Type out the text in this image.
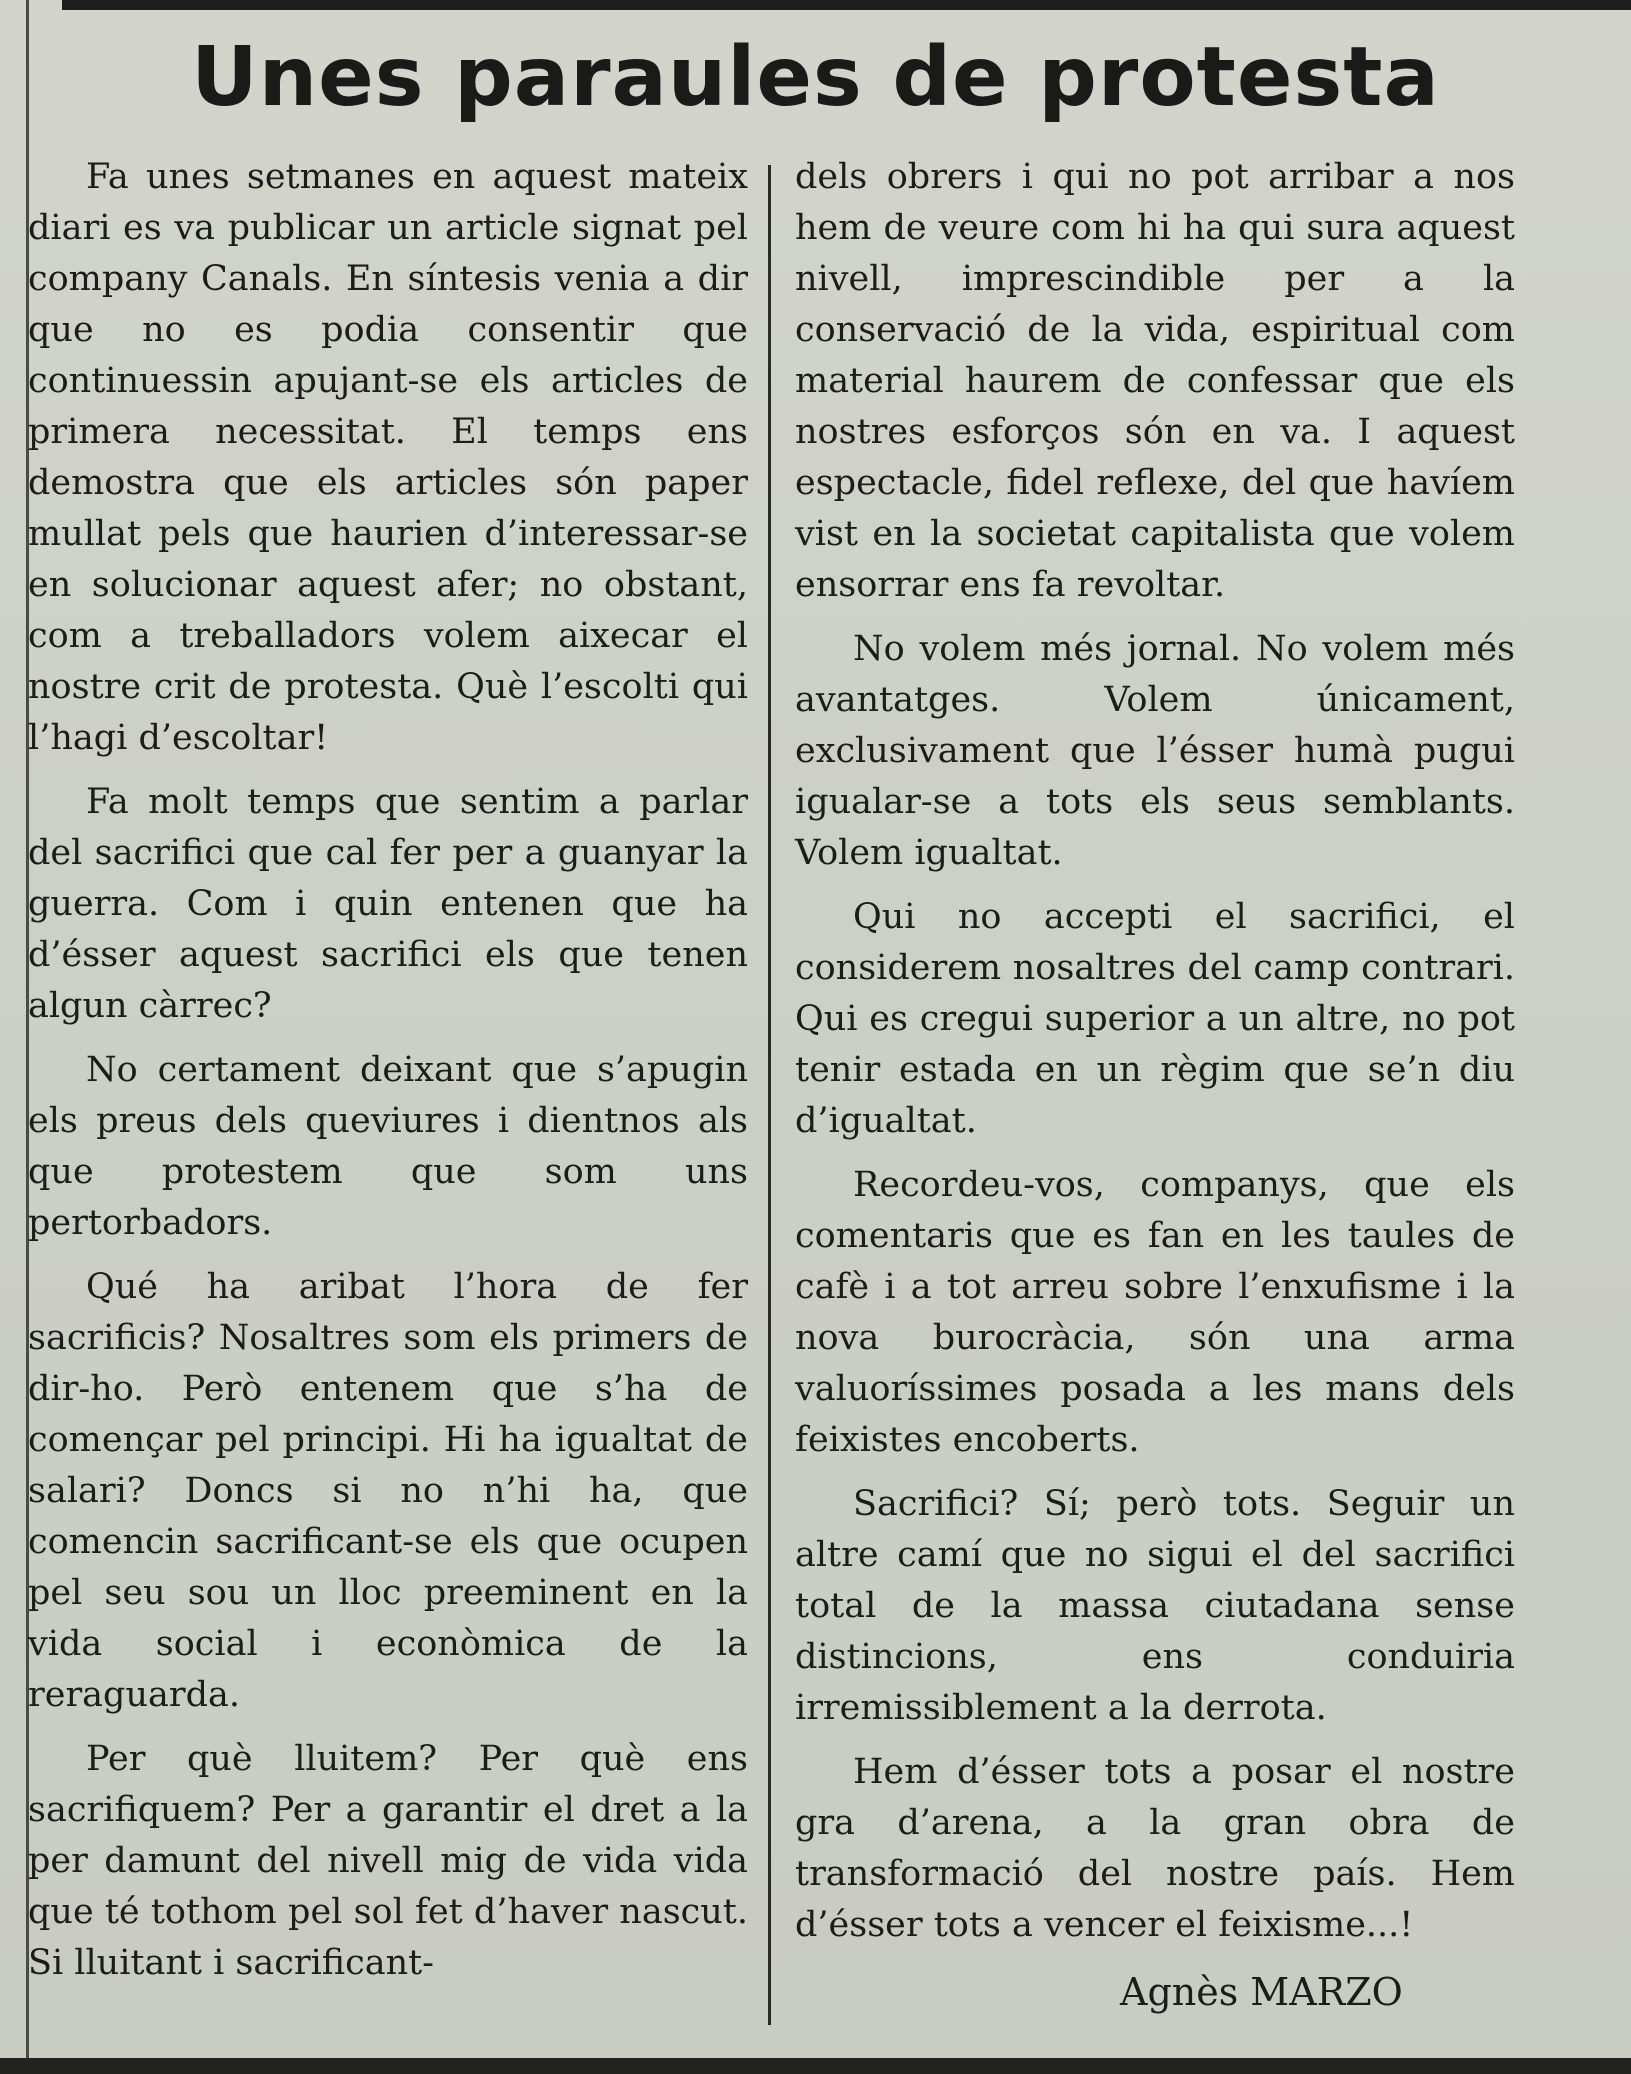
Unes paraules de protesta

Fa unes setmanes en aquest mateix diari es va publicar un article signat pel company Canals. En síntesis venia a dir que no es podia consentir que continuessin apujant-se els articles de primera necessitat. El temps ens demostra que els articles són paper mullat pels que haurien d’interessar-se en solucionar aquest afer; no obstant, com a treballadors volem aixecar el nostre crit de protesta. Què l’escolti qui l’hagi d’escoltar!

Fa molt temps que sentim a parlar del sacrifici que cal fer per a guanyar la guerra. Com i quin entenen que ha d’ésser aquest sacrifici els que tenen algun càrrec?

No certament deixant que s’apugin els preus dels queviures i dientnos als que protestem que som uns pertorbadors.

Qué ha aribat l’hora de fer sacrificis? Nosaltres som els primers de dir-ho. Però entenem que s’ha de començar pel principi. Hi ha igualtat de salari? Doncs si no n’hi ha, que comencin sacrificant-se els que ocupen pel seu sou un lloc preeminent en la vida social i econòmica de la reraguarda.

Per què lluitem? Per què ens sacrifiquem? Per a garantir el dret a la per damunt del nivell mig de vida vida que té tothom pel sol fet d’haver nascut. Si lluitant i sacrificant-

dels obrers i qui no pot arribar a nos hem de veure com hi ha qui sura aquest nivell, imprescindible per a la conservació de la vida, espiritual com material haurem de confessar que els nostres esforços són en va. I aquest espectacle, fidel reflexe, del que havíem vist en la societat capitalista que volem ensorrar ens fa revoltar.

No volem més jornal. No volem més avantatges. Volem únicament, exclusivament que l’ésser humà pugui igualar-se a tots els seus semblants. Volem igualtat.

Qui no accepti el sacrifici, el considerem nosaltres del camp contrari. Qui es cregui superior a un altre, no pot tenir estada en un règim que se’n diu d’igualtat.

Recordeu-vos, companys, que els comentaris que es fan en les taules de cafè i a tot arreu sobre l’enxufisme i la nova burocràcia, són una arma valuoríssimes posada a les mans dels feixistes encoberts.

Sacrifici? Sí; però tots. Seguir un altre camí que no sigui el del sacrifici total de la massa ciutadana sense distincions, ens conduiria irremissiblement a la derrota.

Hem d’ésser tots a posar el nostre gra d’arena, a la gran obra de transformació del nostre país. Hem d’ésser tots a vencer el feixisme...!

Agnès MARZO
